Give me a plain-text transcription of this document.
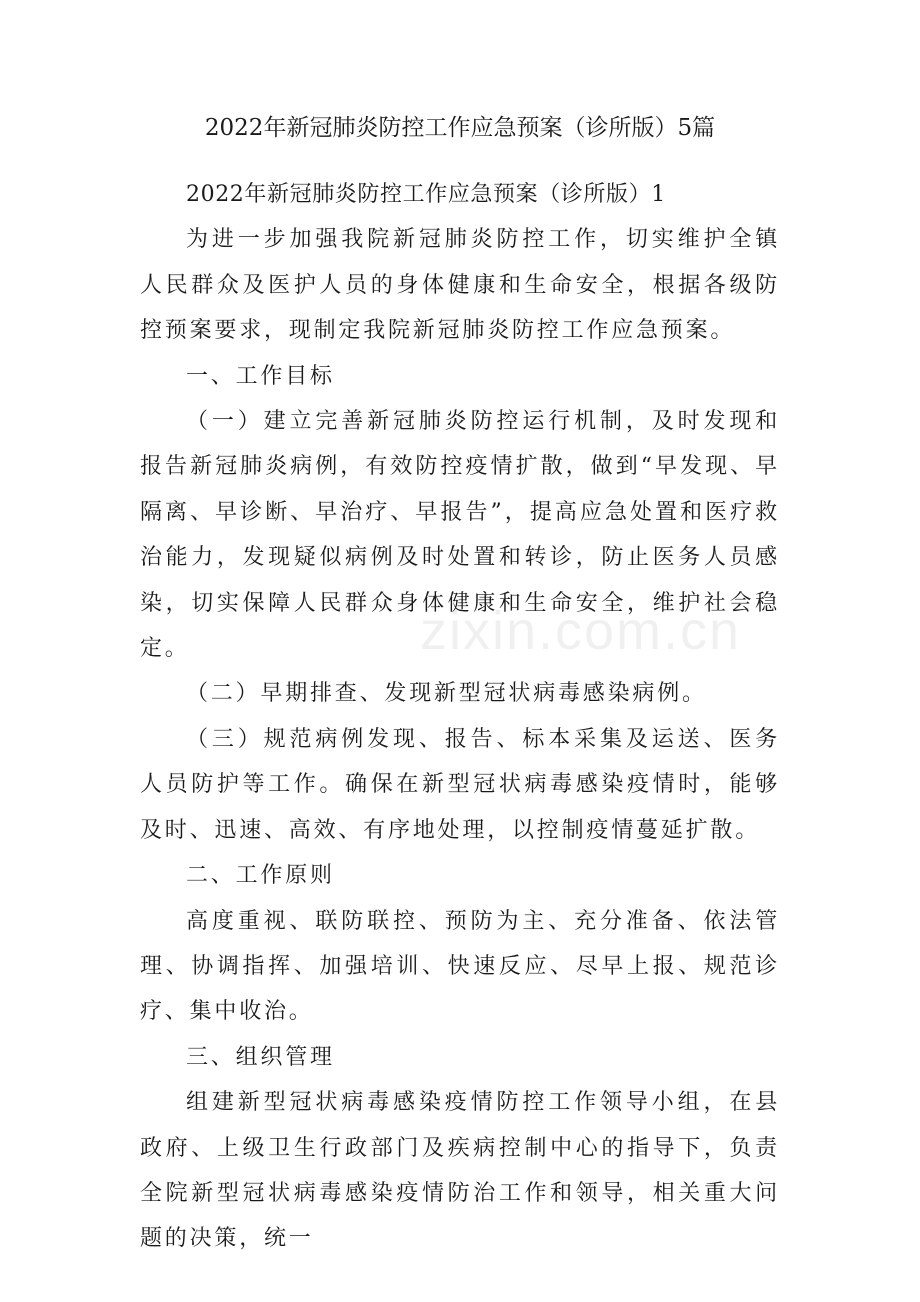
2022年新冠肺炎防控工作应急预案（诊所版）5篇

2022年新冠肺炎防控工作应急预案（诊所版）1

为进一步加强我院新冠肺炎防控工作，切实维护全镇人民群众及医护人员的身体健康和生命安全，根据各级防控预案要求，现制定我院新冠肺炎防控工作应急预案。

一、工作目标

（一）建立完善新冠肺炎防控运行机制，及时发现和报告新冠肺炎病例，有效防控疫情扩散，做到“早发现、早隔离、早诊断、早治疗、早报告”，提高应急处置和医疗救治能力，发现疑似病例及时处置和转诊，防止医务人员感染，切实保障人民群众身体健康和生命安全，维护社会稳定。

（二）早期排查、发现新型冠状病毒感染病例。

（三）规范病例发现、报告、标本采集及运送、医务人员防护等工作。确保在新型冠状病毒感染疫情时，能够及时、迅速、高效、有序地处理，以控制疫情蔓延扩散。

二、工作原则

高度重视、联防联控、预防为主、充分准备、依法管理、协调指挥、加强培训、快速反应、尽早上报、规范诊疗、集中收治。

三、组织管理

组建新型冠状病毒感染疫情防控工作领导小组，在县政府、上级卫生行政部门及疾病控制中心的指导下，负责全院新型冠状病毒感染疫情防治工作和领导，相关重大问题的决策，统一

zixin.com.cn
